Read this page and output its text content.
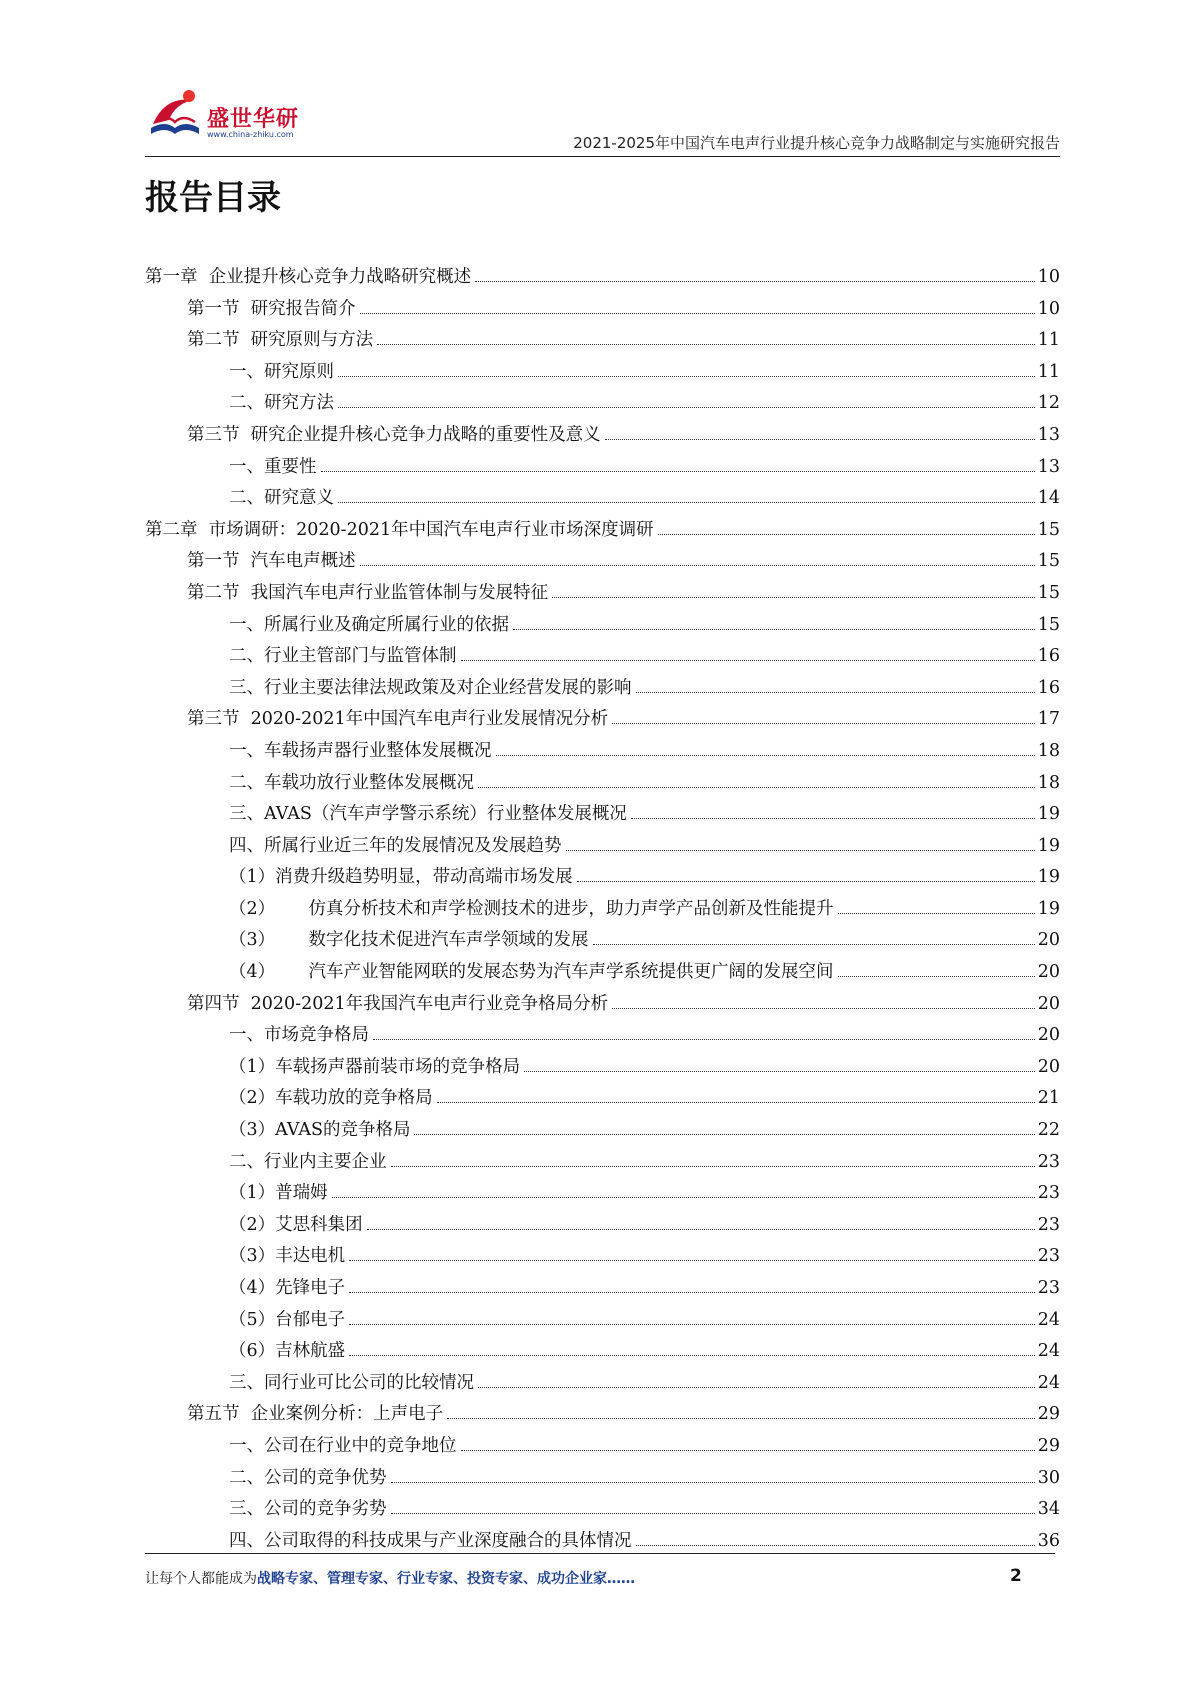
盛世华研
www.china-zhiku.com	2021-2025年中国汽车电声行业提升核心竞争力战略制定与实施研究报告
报告目录
第一章  企业提升核心竞争力战略研究概述	10
第一节  研究报告简介	10
第二节  研究原则与方法	11
一、研究原则	11
二、研究方法	12
第三节  研究企业提升核心竞争力战略的重要性及意义	13
一、重要性	13
二、研究意义	14
第二章  市场调研：2020-2021年中国汽车电声行业市场深度调研	15
第一节  汽车电声概述	15
第二节  我国汽车电声行业监管体制与发展特征	15
一、所属行业及确定所属行业的依据	15
二、行业主管部门与监管体制	16
三、行业主要法律法规政策及对企业经营发展的影响	16
第三节  2020-2021年中国汽车电声行业发展情况分析	17
一、车载扬声器行业整体发展概况	18
二、车载功放行业整体发展概况	18
三、AVAS（汽车声学警示系统）行业整体发展概况	19
四、所属行业近三年的发展情况及发展趋势	19
（1）消费升级趋势明显，带动高端市场发展	19
（2）      仿真分析技术和声学检测技术的进步，助力声学产品创新及性能提升	19
（3）      数字化技术促进汽车声学领域的发展	20
（4）      汽车产业智能网联的发展态势为汽车声学系统提供更广阔的发展空间	20
第四节  2020-2021年我国汽车电声行业竞争格局分析	20
一、市场竞争格局	20
（1）车载扬声器前装市场的竞争格局	20
（2）车载功放的竞争格局	21
（3）AVAS的竞争格局	22
二、行业内主要企业	23
（1）普瑞姆	23
（2）艾思科集团	23
（3）丰达电机	23
（4）先锋电子	23
（5）台郁电子	24
（6）吉林航盛	24
三、同行业可比公司的比较情况	24
第五节  企业案例分析：上声电子	29
一、公司在行业中的竞争地位	29
二、公司的竞争优势	30
三、公司的竞争劣势	34
四、公司取得的科技成果与产业深度融合的具体情况	36
让每个人都能成为战略专家、管理专家、行业专家、投资专家、成功企业家……	2
